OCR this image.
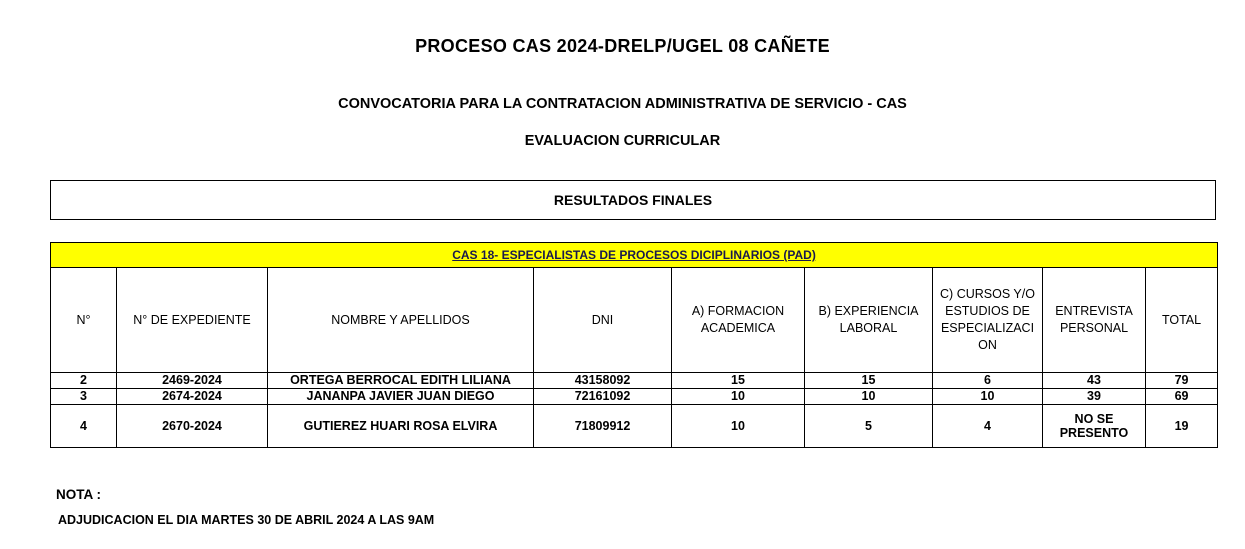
PROCESO CAS 2024-DRELP/UGEL 08 CAÑETE
CONVOCATORIA PARA LA CONTRATACION ADMINISTRATIVA DE SERVICIO - CAS
EVALUACION CURRICULAR
RESULTADOS FINALES
CAS 18- ESPECIALISTAS DE PROCESOS DICIPLINARIOS (PAD)								
N°	N° DE EXPEDIENTE	NOMBRE Y APELLIDOS	DNI	A) FORMACION ACADEMICA	B) EXPERIENCIA LABORAL	C) CURSOS Y/O ESTUDIOS DE ESPECIALIZACI ON	ENTREVISTA PERSONAL	TOTAL
2	2469-2024	ORTEGA BERROCAL EDITH LILIANA	43158092	15	15	6	43	79
3	2674-2024	JANANPA JAVIER JUAN DIEGO	72161092	10	10	10	39	69
4	2670-2024	GUTIEREZ HUARI ROSA ELVIRA	71809912	10	5	4	NO SE PRESENTO	19
NOTA :
ADJUDICACION EL DIA MARTES 30 DE ABRIL 2024 A LAS 9AM
